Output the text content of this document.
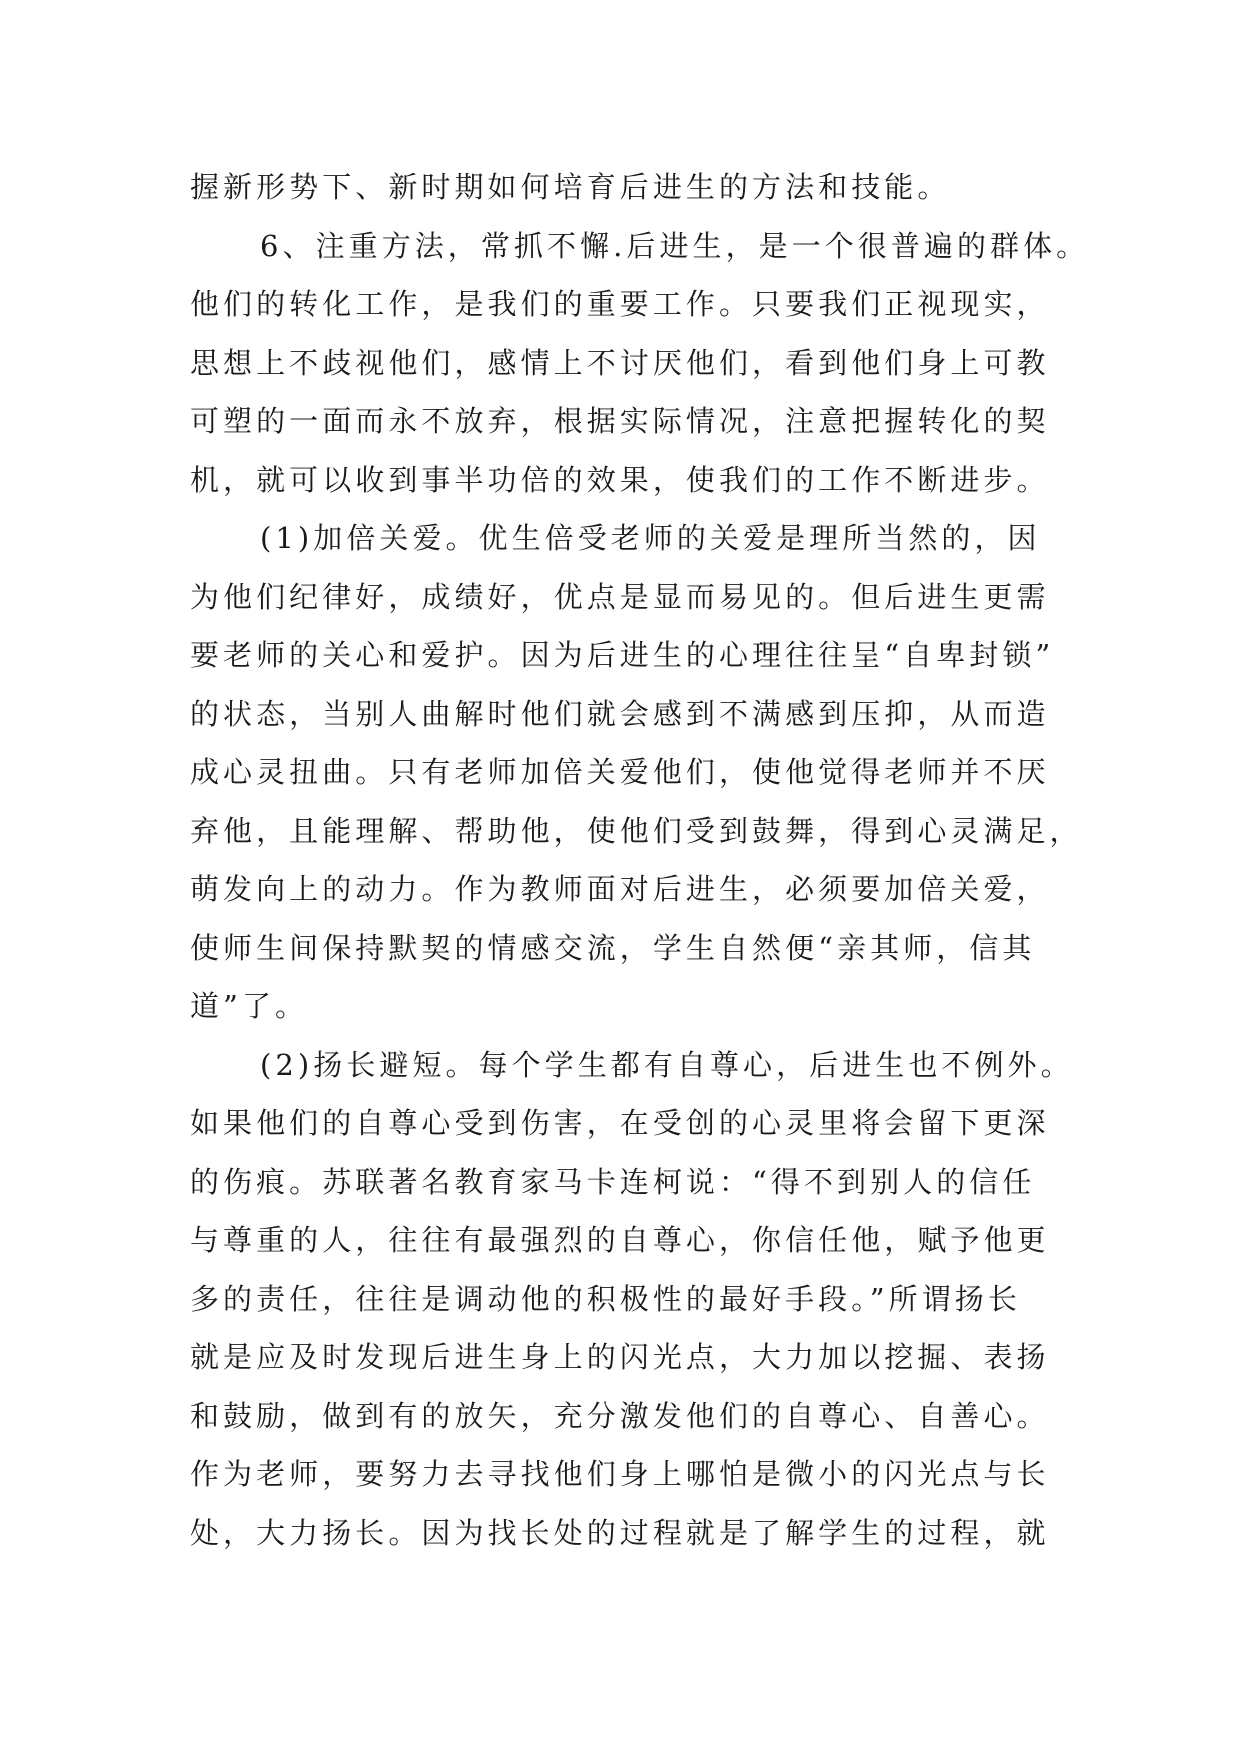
握新形势下、新时期如何培育后进生的方法和技能。
6、注重方法，常抓不懈.后进生，是一个很普遍的群体。
他们的转化工作，是我们的重要工作。只要我们正视现实，
思想上不歧视他们，感情上不讨厌他们，看到他们身上可教
可塑的一面而永不放弃，根据实际情况，注意把握转化的契
机，就可以收到事半功倍的效果，使我们的工作不断进步。
(1)加倍关爱。优生倍受老师的关爱是理所当然的，因
为他们纪律好，成绩好，优点是显而易见的。但后进生更需
要老师的关心和爱护。因为后进生的心理往往呈“自卑封锁”
的状态，当别人曲解时他们就会感到不满感到压抑，从而造
成心灵扭曲。只有老师加倍关爱他们，使他觉得老师并不厌
弃他，且能理解、帮助他，使他们受到鼓舞，得到心灵满足，
萌发向上的动力。作为教师面对后进生，必须要加倍关爱，
使师生间保持默契的情感交流，学生自然便“亲其师，信其
道”了。
(2)扬长避短。每个学生都有自尊心，后进生也不例外。
如果他们的自尊心受到伤害，在受创的心灵里将会留下更深
的伤痕。苏联著名教育家马卡连柯说：“得不到别人的信任
与尊重的人，往往有最强烈的自尊心，你信任他，赋予他更
多的责任，往往是调动他的积极性的最好手段。”所谓扬长
就是应及时发现后进生身上的闪光点，大力加以挖掘、表扬
和鼓励，做到有的放矢，充分激发他们的自尊心、自善心。
作为老师，要努力去寻找他们身上哪怕是微小的闪光点与长
处，大力扬长。因为找长处的过程就是了解学生的过程，就
